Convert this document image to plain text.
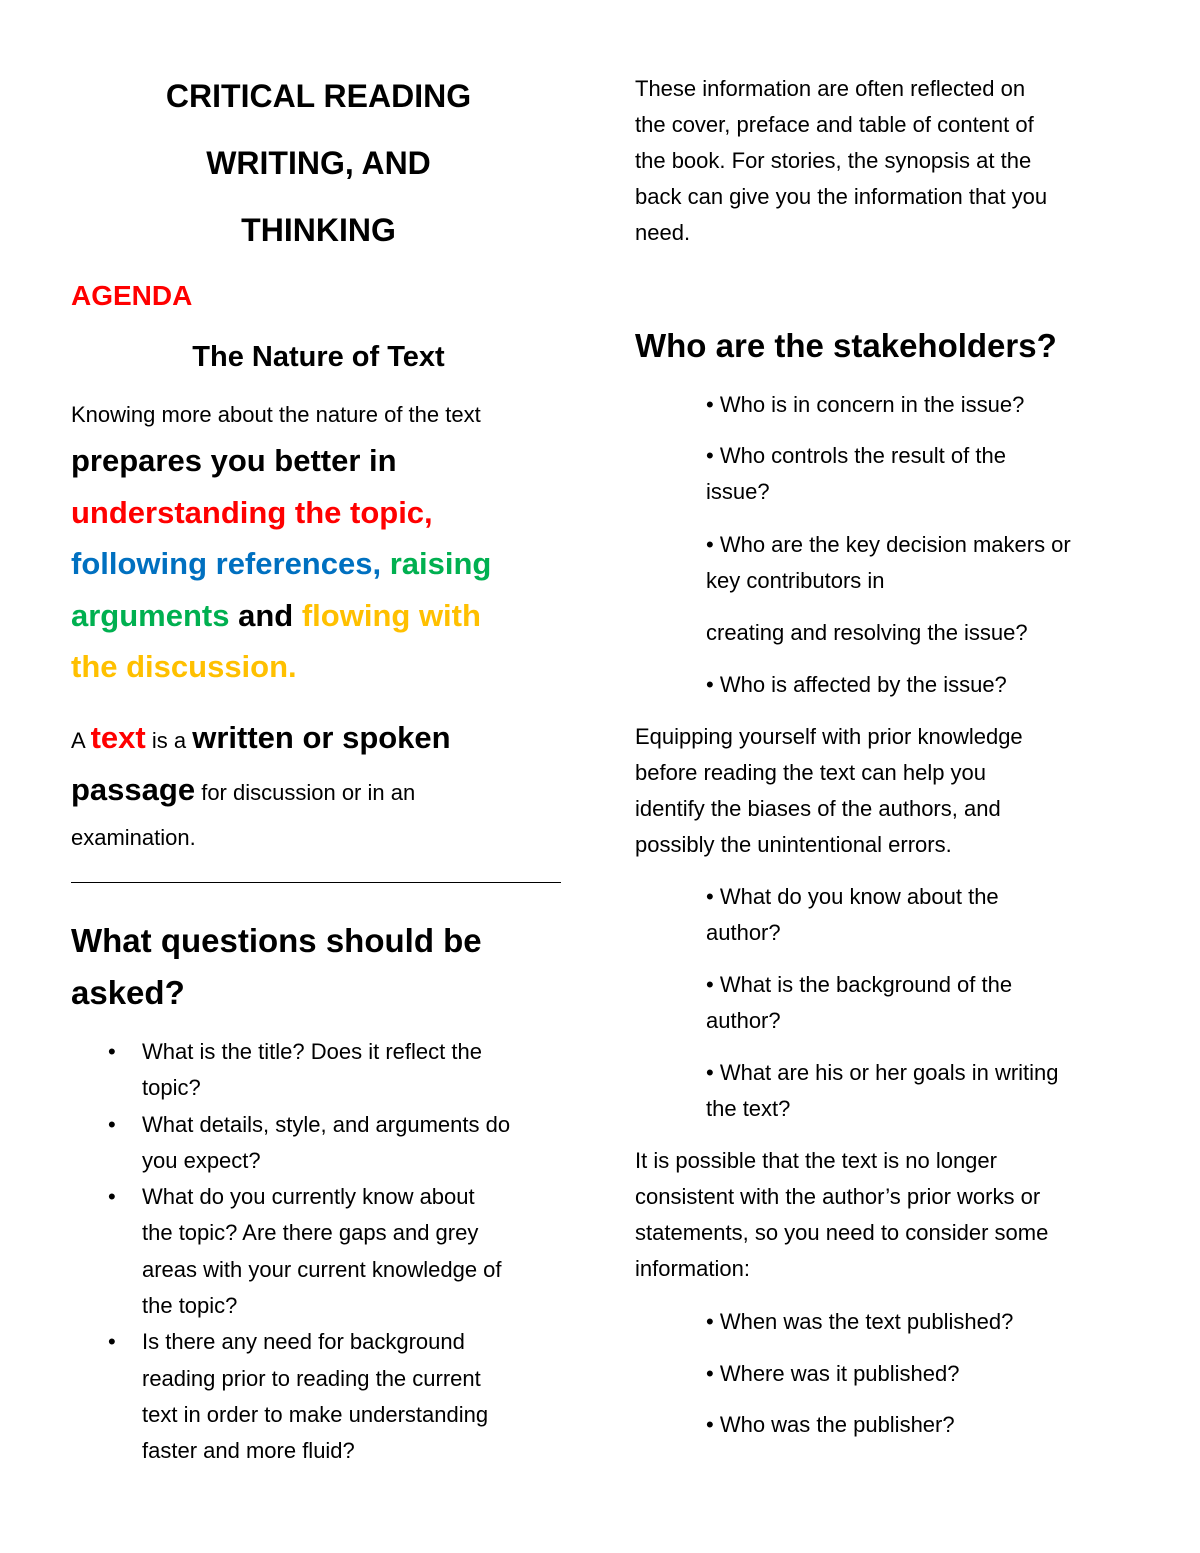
CRITICAL READING
WRITING, AND
THINKING
AGENDA
The Nature of Text
Knowing more about the nature of the text
prepares you better in
understanding the topic,
following references, raising
arguments and flowing with
the discussion.
A text is a written or spoken
passage for discussion or in an
examination.
What questions should be
asked?
• What is the title? Does it reflect the
topic?
• What details, style, and arguments do
you expect?
• What do you currently know about
the topic? Are there gaps and grey
areas with your current knowledge of
the topic?
• Is there any need for background
reading prior to reading the current
text in order to make understanding
faster and more fluid?
These information are often reflected on
the cover, preface and table of content of
the book. For stories, the synopsis at the
back can give you the information that you
need.
Who are the stakeholders?
• Who is in concern in the issue?
• Who controls the result of the
issue?
• Who are the key decision makers or
key contributors in
creating and resolving the issue?
• Who is affected by the issue?
Equipping yourself with prior knowledge
before reading the text can help you
identify the biases of the authors, and
possibly the unintentional errors.
• What do you know about the
author?
• What is the background of the
author?
• What are his or her goals in writing
the text?
It is possible that the text is no longer
consistent with the author’s prior works or
statements, so you need to consider some
information:
• When was the text published?
• Where was it published?
• Who was the publisher?
